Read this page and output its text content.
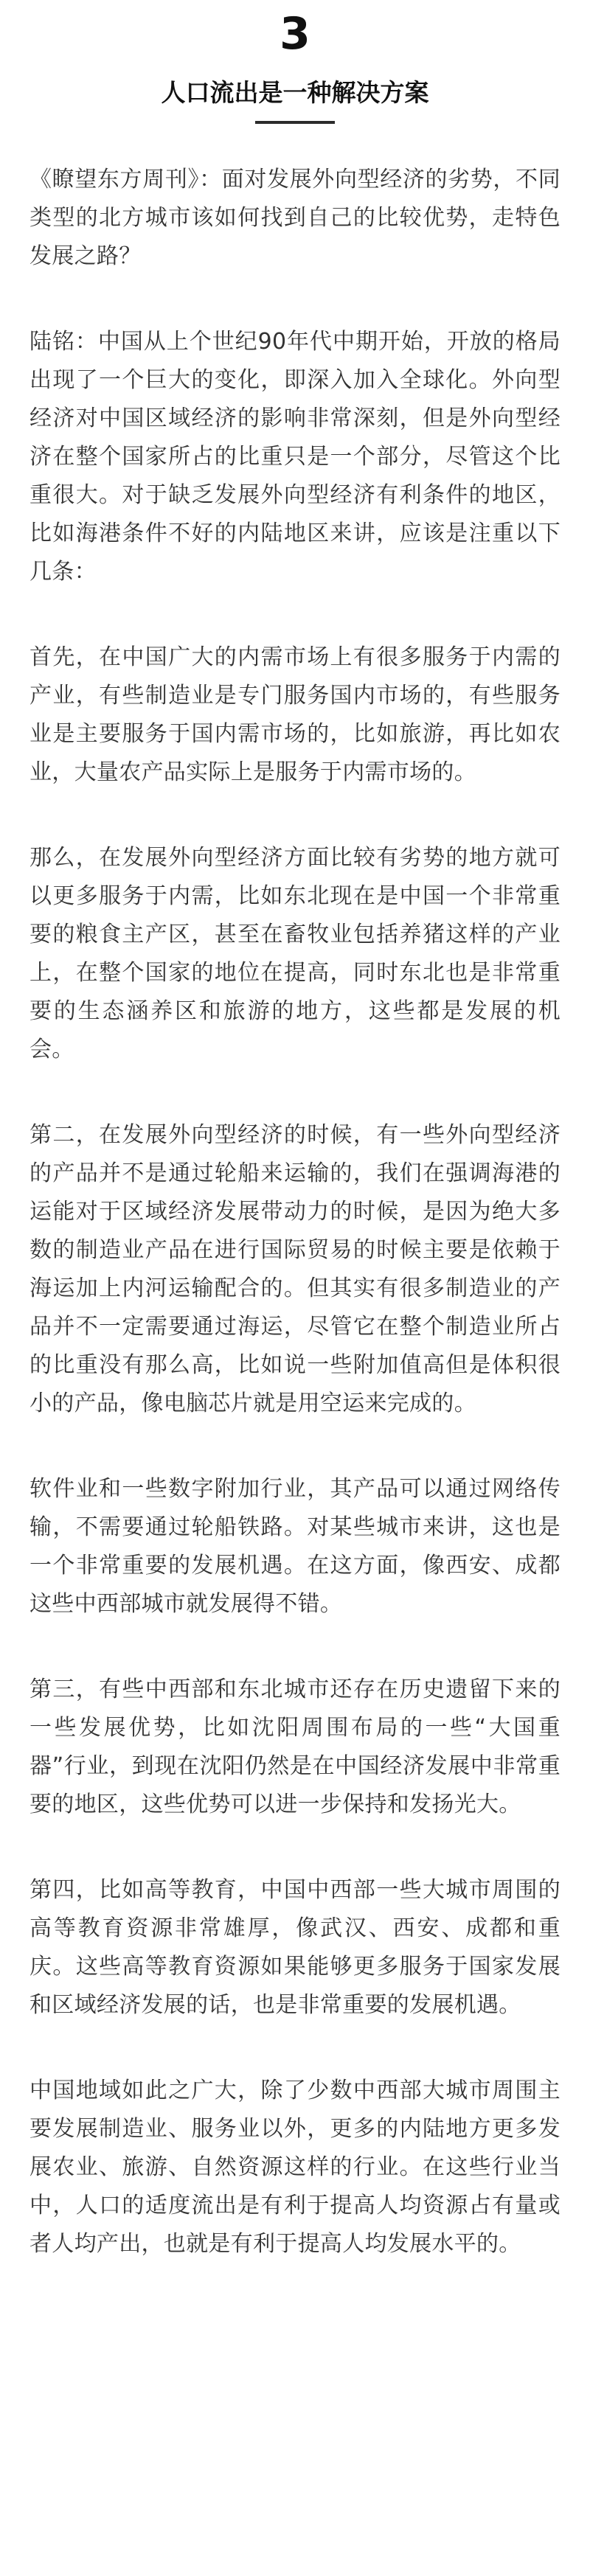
3
人口流出是一种解决方案

《瞭望东方周刊》：面对发展外向型经济的劣势，不同类型的北方城市该如何找到自己的比较优势，走特色发展之路？

陆铭：中国从上个世纪90年代中期开始，开放的格局出现了一个巨大的变化，即深入加入全球化。外向型经济对中国区域经济的影响非常深刻，但是外向型经济在整个国家所占的比重只是一个部分，尽管这个比重很大。对于缺乏发展外向型经济有利条件的地区，比如海港条件不好的内陆地区来讲，应该是注重以下几条：

首先，在中国广大的内需市场上有很多服务于内需的产业，有些制造业是专门服务国内市场的，有些服务业是主要服务于国内需市场的，比如旅游，再比如农业，大量农产品实际上是服务于内需市场的。

那么，在发展外向型经济方面比较有劣势的地方就可以更多服务于内需，比如东北现在是中国一个非常重要的粮食主产区，甚至在畜牧业包括养猪这样的产业上，在整个国家的地位在提高，同时东北也是非常重要的生态涵养区和旅游的地方，这些都是发展的机会。

第二，在发展外向型经济的时候，有一些外向型经济的产品并不是通过轮船来运输的，我们在强调海港的运能对于区域经济发展带动力的时候，是因为绝大多数的制造业产品在进行国际贸易的时候主要是依赖于海运加上内河运输配合的。但其实有很多制造业的产品并不一定需要通过海运，尽管它在整个制造业所占的比重没有那么高，比如说一些附加值高但是体积很小的产品，像电脑芯片就是用空运来完成的。

软件业和一些数字附加行业，其产品可以通过网络传输，不需要通过轮船铁路。对某些城市来讲，这也是一个非常重要的发展机遇。在这方面，像西安、成都这些中西部城市就发展得不错。

第三，有些中西部和东北城市还存在历史遗留下来的一些发展优势，比如沈阳周围布局的一些“大国重器”行业，到现在沈阳仍然是在中国经济发展中非常重要的地区，这些优势可以进一步保持和发扬光大。

第四，比如高等教育，中国中西部一些大城市周围的高等教育资源非常雄厚，像武汉、西安、成都和重庆。这些高等教育资源如果能够更多服务于国家发展和区域经济发展的话，也是非常重要的发展机遇。

中国地域如此之广大，除了少数中西部大城市周围主要发展制造业、服务业以外，更多的内陆地方更多发展农业、旅游、自然资源这样的行业。在这些行业当中，人口的适度流出是有利于提高人均资源占有量或者人均产出，也就是有利于提高人均发展水平的。
